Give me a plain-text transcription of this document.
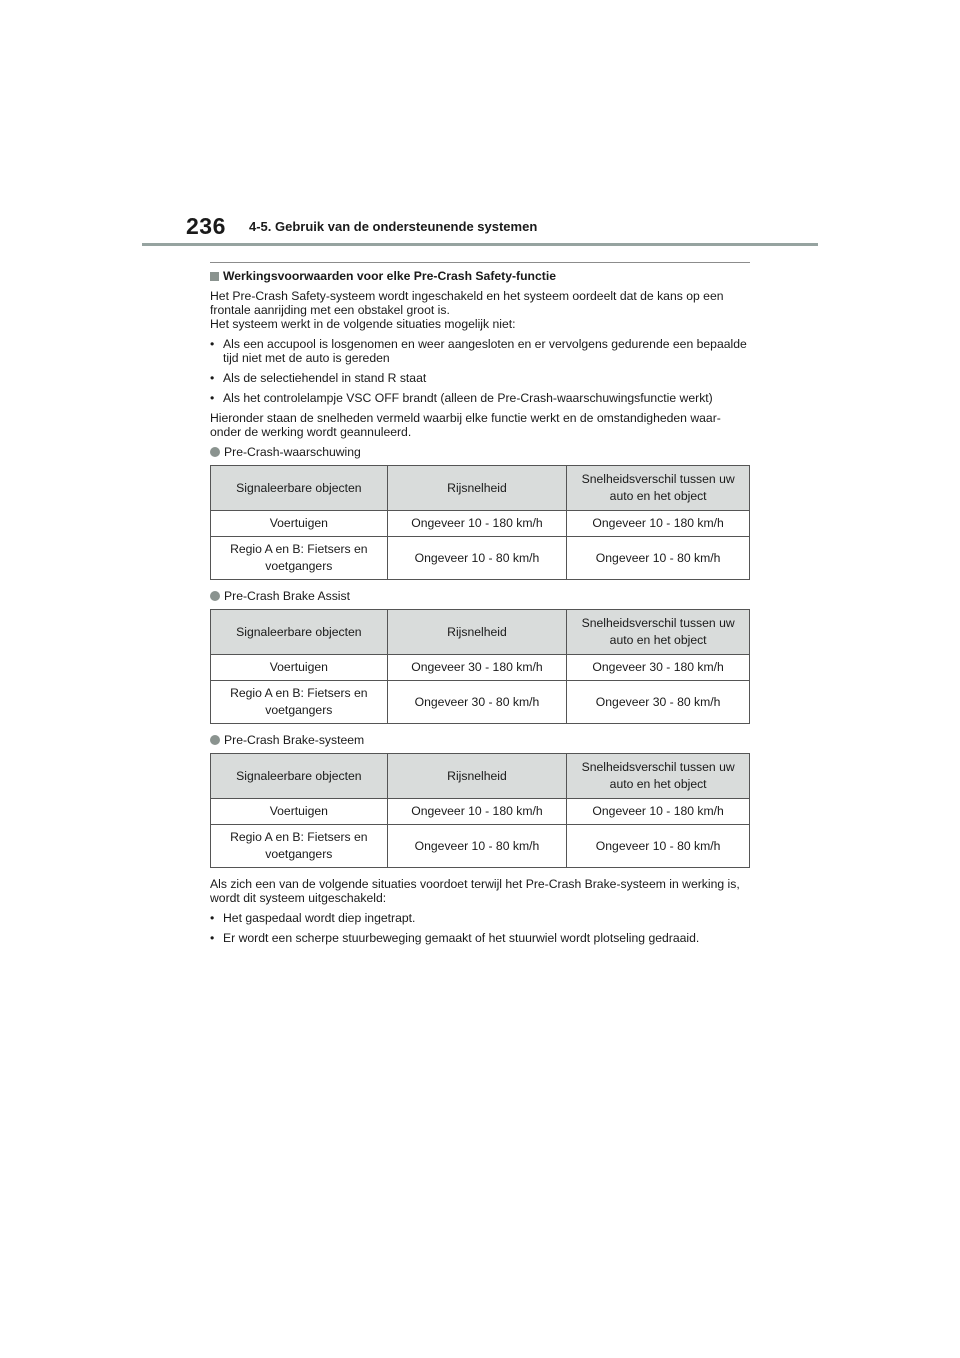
236 4-5. Gebruik van de ondersteunende systemen
Werkingsvoorwaarden voor elke Pre-Crash Safety-functie

Het Pre-Crash Safety-systeem wordt ingeschakeld en het systeem oordeelt dat de kans op een frontale aanrijding met een obstakel groot is.

Het systeem werkt in de volgende situaties mogelijk niet:

• Als een accupool is losgenomen en weer aangesloten en er vervolgens gedurende een bepaalde tijd niet met de auto is gereden
• Als de selectiehendel in stand R staat
• Als het controlelampje VSC OFF brandt (alleen de Pre-Crash-waarschuwingsfunctie werkt)

Hieronder staan de snelheden vermeld waarbij elke functie werkt en de omstandigheden waar- onder de werking wordt geannuleerd.

Pre-Crash-waarschuwing
Signaleerbare objecten	Rijsnelheid	Snelheidsverschil tussen uw auto en het object
Voertuigen	Ongeveer 10 - 180 km/h	Ongeveer 10 - 180 km/h
Regio A en B: Fietsers en voetgangers	Ongeveer 10 - 80 km/h	Ongeveer 10 - 80 km/h
Pre-Crash Brake Assist
Signaleerbare objecten	Rijsnelheid	Snelheidsverschil tussen uw auto en het object
Voertuigen	Ongeveer 30 - 180 km/h	Ongeveer 30 - 180 km/h
Regio A en B: Fietsers en voetgangers	Ongeveer 30 - 80 km/h	Ongeveer 30 - 80 km/h
Pre-Crash Brake-systeem
Signaleerbare objecten	Rijsnelheid	Snelheidsverschil tussen uw auto en het object
Voertuigen	Ongeveer 10 - 180 km/h	Ongeveer 10 - 180 km/h
Regio A en B: Fietsers en voetgangers	Ongeveer 10 - 80 km/h	Ongeveer 10 - 80 km/h

Als zich een van de volgende situaties voordoet terwijl het Pre-Crash Brake-systeem in werking is, wordt dit systeem uitgeschakeld:

• Het gaspedaal wordt diep ingetrapt.
• Er wordt een scherpe stuurbeweging gemaakt of het stuurwiel wordt plotseling gedraaid.
